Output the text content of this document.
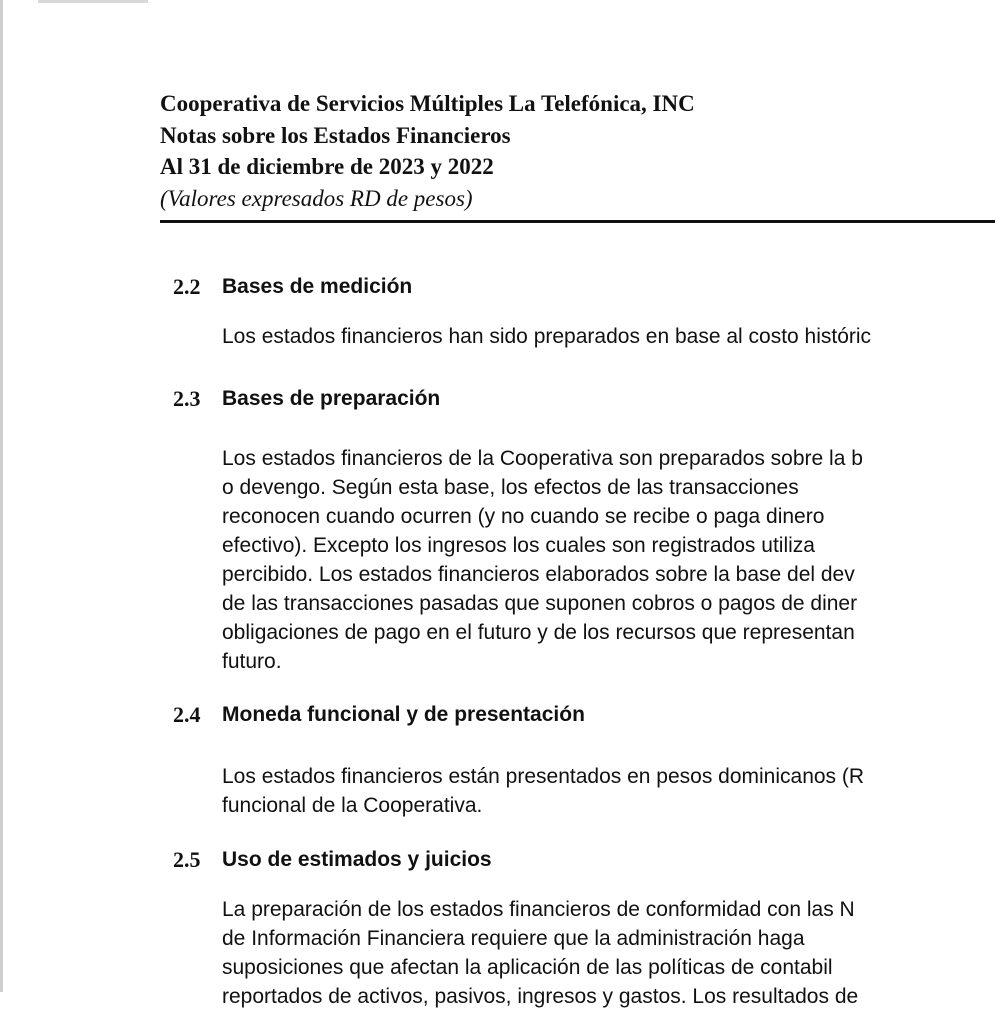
Cooperativa de Servicios Múltiples La Telefónica, INC
Notas sobre los Estados Financieros
Al 31 de diciembre de 2023 y 2022
(Valores expresados RD de pesos)
2.2 Bases de medición
Los estados financieros han sido preparados en base al costo históric
2.3 Bases de preparación
Los estados financieros de la Cooperativa son preparados sobre la b
o devengo. Según esta base, los efectos de las transacciones
reconocen cuando ocurren (y no cuando se recibe o paga dinero
efectivo). Excepto los ingresos los cuales son registrados utiliza
percibido. Los estados financieros elaborados sobre la base del dev
de las transacciones pasadas que suponen cobros o pagos de diner
obligaciones de pago en el futuro y de los recursos que representan
futuro.
2.4 Moneda funcional y de presentación
Los estados financieros están presentados en pesos dominicanos (R
funcional de la Cooperativa.
2.5 Uso de estimados y juicios
La preparación de los estados financieros de conformidad con las N
de Información Financiera requiere que la administración haga
suposiciones que afectan la aplicación de las políticas de contabil
reportados de activos, pasivos, ingresos y gastos. Los resultados de
